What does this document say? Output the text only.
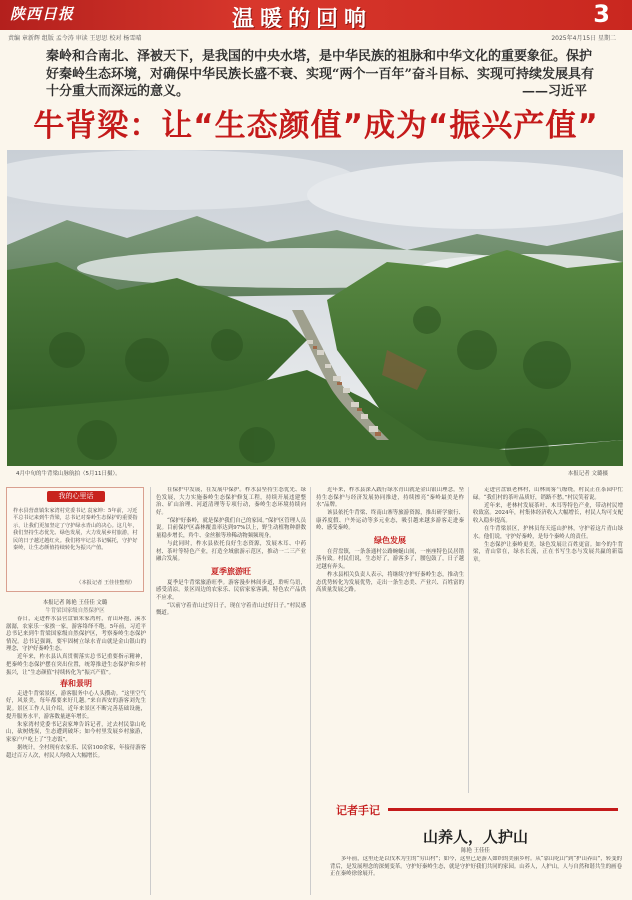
陕西日报	温暖的回响	3
责编 章新辉 组版 孟令涛 审读 王思思 校对 杨雪晴	2025年4月15日 星期二
秦岭和合南北、泽被天下，是我国的中央水塔，是中华民族的祖脉和中华文化的重要象征。保护好秦岭生态环境，对确保中华民族长盛不衰、实现“两个一百年”奋斗目标、实现可持续发展具有十分重大而深远的意义。	——习近平
牛背梁：让“生态颜值”成为“振兴产值”
4月中旬的牛背梁山脉航拍（5月11日摄）。	本报记者 文璐摄
我的心里话
柞水县营盘镇朱家湾村党委书记 袁家坤：5年前，习近平总书记来到牛背梁，总书记对秦岭生态保护的重要指示，让我们更加坚定了守护绿水青山的决心。这几年，我们坚持生态优先、绿色发展，大力发展乡村旅游，村民的日子越过越红火。我们将牢记总书记嘱托，守护好秦岭，让生态颜值持续转化为振兴产值。
（本报记者 王佳佳整理）
本报记者 陈艳 王佳佳 文璐
牛背梁国家级自然保护区

春日，走进柞水县营盘镇朱家湾村，青山环抱，溪水潺潺，农家乐一家挨一家，游客络绎不绝。5年前，习近平总书记来到牛背梁国家级自然保护区，考察秦岭生态保护情况。总书记强调，要牢固树立绿水青山就是金山银山的理念，守护好秦岭生态。

近年来，柞水县认真贯彻落实总书记重要指示精神，把秦岭生态保护摆在突出位置，统筹推进生态保护和乡村振兴，让“生态颜值”持续转化为“振兴产值”。

春和景明

走进牛背梁景区，游客服务中心人头攒动。“这里空气好，风景美，每年都要来好几趟。”来自西安的游客刘先生说。景区工作人员介绍，近年来景区不断完善基础设施，提升服务水平，游客数量逐年增长。

朱家湾村党委书记袁家坤告诉记者，过去村民靠山吃山，砍树烧炭，生态遭到破坏；如今村里发展乡村旅游，家家户户吃上了“生态饭”。

据统计，全村现有农家乐、民宿100余家，年接待游客超过百万人次，村民人均收入大幅增长。

在保护中发展，在发展中保护。柞水县坚持生态优先、绿色发展，大力实施秦岭生态保护修复工程，持续开展违建整治、矿山治理、河道清理等专项行动，秦岭生态环境持续向好。

“保护好秦岭，就是保护我们自己的家园。”保护区管理人员说。目前保护区森林覆盖率达到97%以上，野生动植物种群数量稳步增长，羚牛、金丝猴等珍稀动物频频现身。

与此同时，柞水县依托良好生态资源，发展木耳、中药材、茶叶等特色产业，打造全域旅游示范区，推动一二三产业融合发展。

夏季旅游旺

夏季是牛背梁旅游旺季。游客漫步林间步道，聆听鸟语，感受清凉。景区周边的农家乐、民宿家家客满，特色农产品供不应求。

“以前守着青山过穷日子，现在守着青山过好日子。”村民感慨道。

近年来，柞水县深入践行绿水青山就是金山银山理念，坚持生态保护与经济发展协同推进，持续擦亮“秦岭最美是柞水”品牌。

该县依托牛背梁、终南山寨等旅游资源，推出研学旅行、康养度假、户外运动等多元业态，吸引越来越多游客走进秦岭、感受秦岭。

绿色发展

在营盘镇，一条条通村公路蜿蜒山间，一座座特色民居错落有致。村民们说，生态好了，游客多了，腰包鼓了，日子越过越有奔头。

柞水县相关负责人表示，将继续守护好秦岭生态，推动生态优势转化为发展优势，走出一条生态美、产业兴、百姓富的高质量发展之路。

走进营盘镇老林村，山林间雾气缭绕，村民正在茶园中忙碌。“我们村的茶叶品质好，销路不愁。”村民笑着说。

近年来，老林村发展茶叶、木耳等特色产业，带动村民增收致富。2024年，村集体经济收入大幅增长，村民人均可支配收入稳步提高。

在牛背梁景区，护林员每天巡山护林，守护着这片青山绿水。他们说，守护好秦岭，是每个秦岭人的责任。

生态保护让秦岭更美，绿色发展让百姓更富。如今的牛背梁，青山常在，绿水长流，正在书写生态与发展共赢的新篇章。

记者手记
山养人，人护山
陈艳 王佳佳

多年前，这里还是以伐木为生的“穷山村”；如今，这里已是游人如织的美丽乡村。从“靠山吃山”到“护山养山”，转变的背后，是发展理念的深刻变革。守护好秦岭生态，就是守护好我们共同的家园。山养人，人护山，人与自然和谐共生的画卷正在秦岭徐徐展开。
